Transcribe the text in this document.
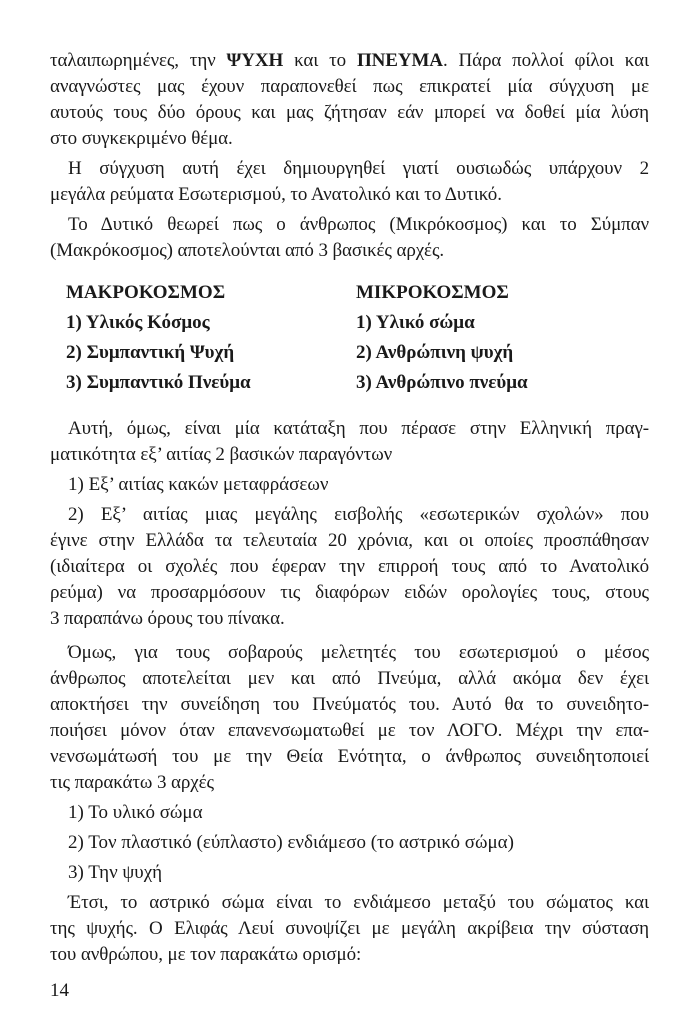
ταλαιπωρημένες, την ΨΥΧΗ και το ΠΝΕΥΜΑ. Πάρα πολλοί φίλοι και
αναγνώστες μας έχουν παραπονεθεί πως επικρατεί μία σύγχυση με
αυτούς τους δύο όρους και μας ζήτησαν εάν μπορεί να δοθεί μία λύση
στο συγκεκριμένο θέμα.
Η σύγχυση αυτή έχει δημιουργηθεί γιατί ουσιωδώς υπάρχουν 2
μεγάλα ρεύματα Εσωτερισμού, το Ανατολικό και το Δυτικό.
Το Δυτικό θεωρεί πως ο άνθρωπος (Μικρόκοσμος) και το Σύμπαν
(Μακρόκοσμος) αποτελούνται από 3 βασικές αρχές.
ΜΑΚΡΟΚΟΣΜΟΣ
1) Υλικός Κόσμος
2) Συμπαντική Ψυχή
3) Συμπαντικό Πνεύμα
ΜΙΚΡΟΚΟΣΜΟΣ
1) Υλικό σώμα
2) Ανθρώπινη ψυχή
3) Ανθρώπινο πνεύμα
Αυτή, όμως, είναι μία κατάταξη που πέρασε στην Ελληνική πραγ-
ματικότητα εξ’ αιτίας 2 βασικών παραγόντων
1) Εξ’ αιτίας κακών μεταφράσεων
2) Εξ’ αιτίας μιας μεγάλης εισβολής «εσωτερικών σχολών» που
έγινε στην Ελλάδα τα τελευταία 20 χρόνια, και οι οποίες προσπάθησαν
(ιδιαίτερα οι σχολές που έφεραν την επιρροή τους από το Ανατολικό
ρεύμα) να προσαρμόσουν τις διαφόρων ειδών ορολογίες τους, στους
3 παραπάνω όρους του πίνακα.
Όμως, για τους σοβαρούς μελετητές του εσωτερισμού ο μέσος
άνθρωπος αποτελείται μεν και από Πνεύμα, αλλά ακόμα δεν έχει
αποκτήσει την συνείδηση του Πνεύματός του. Αυτό θα το συνειδητο-
ποιήσει μόνον όταν επανενσωματωθεί με τον ΛΟΓΟ. Μέχρι την επα-
νενσωμάτωσή του με την Θεία Ενότητα, ο άνθρωπος συνειδητοποιεί
τις παρακάτω 3 αρχές
1) Το υλικό σώμα
2) Τον πλαστικό (εύπλαστο) ενδιάμεσο (το αστρικό σώμα)
3) Την ψυχή
Έτσι, το αστρικό σώμα είναι το ενδιάμεσο μεταξύ του σώματος και
της ψυχής. Ο Ελιφάς Λευί συνοψίζει με μεγάλη ακρίβεια την σύσταση
του ανθρώπου, με τον παρακάτω ορισμό:
14
